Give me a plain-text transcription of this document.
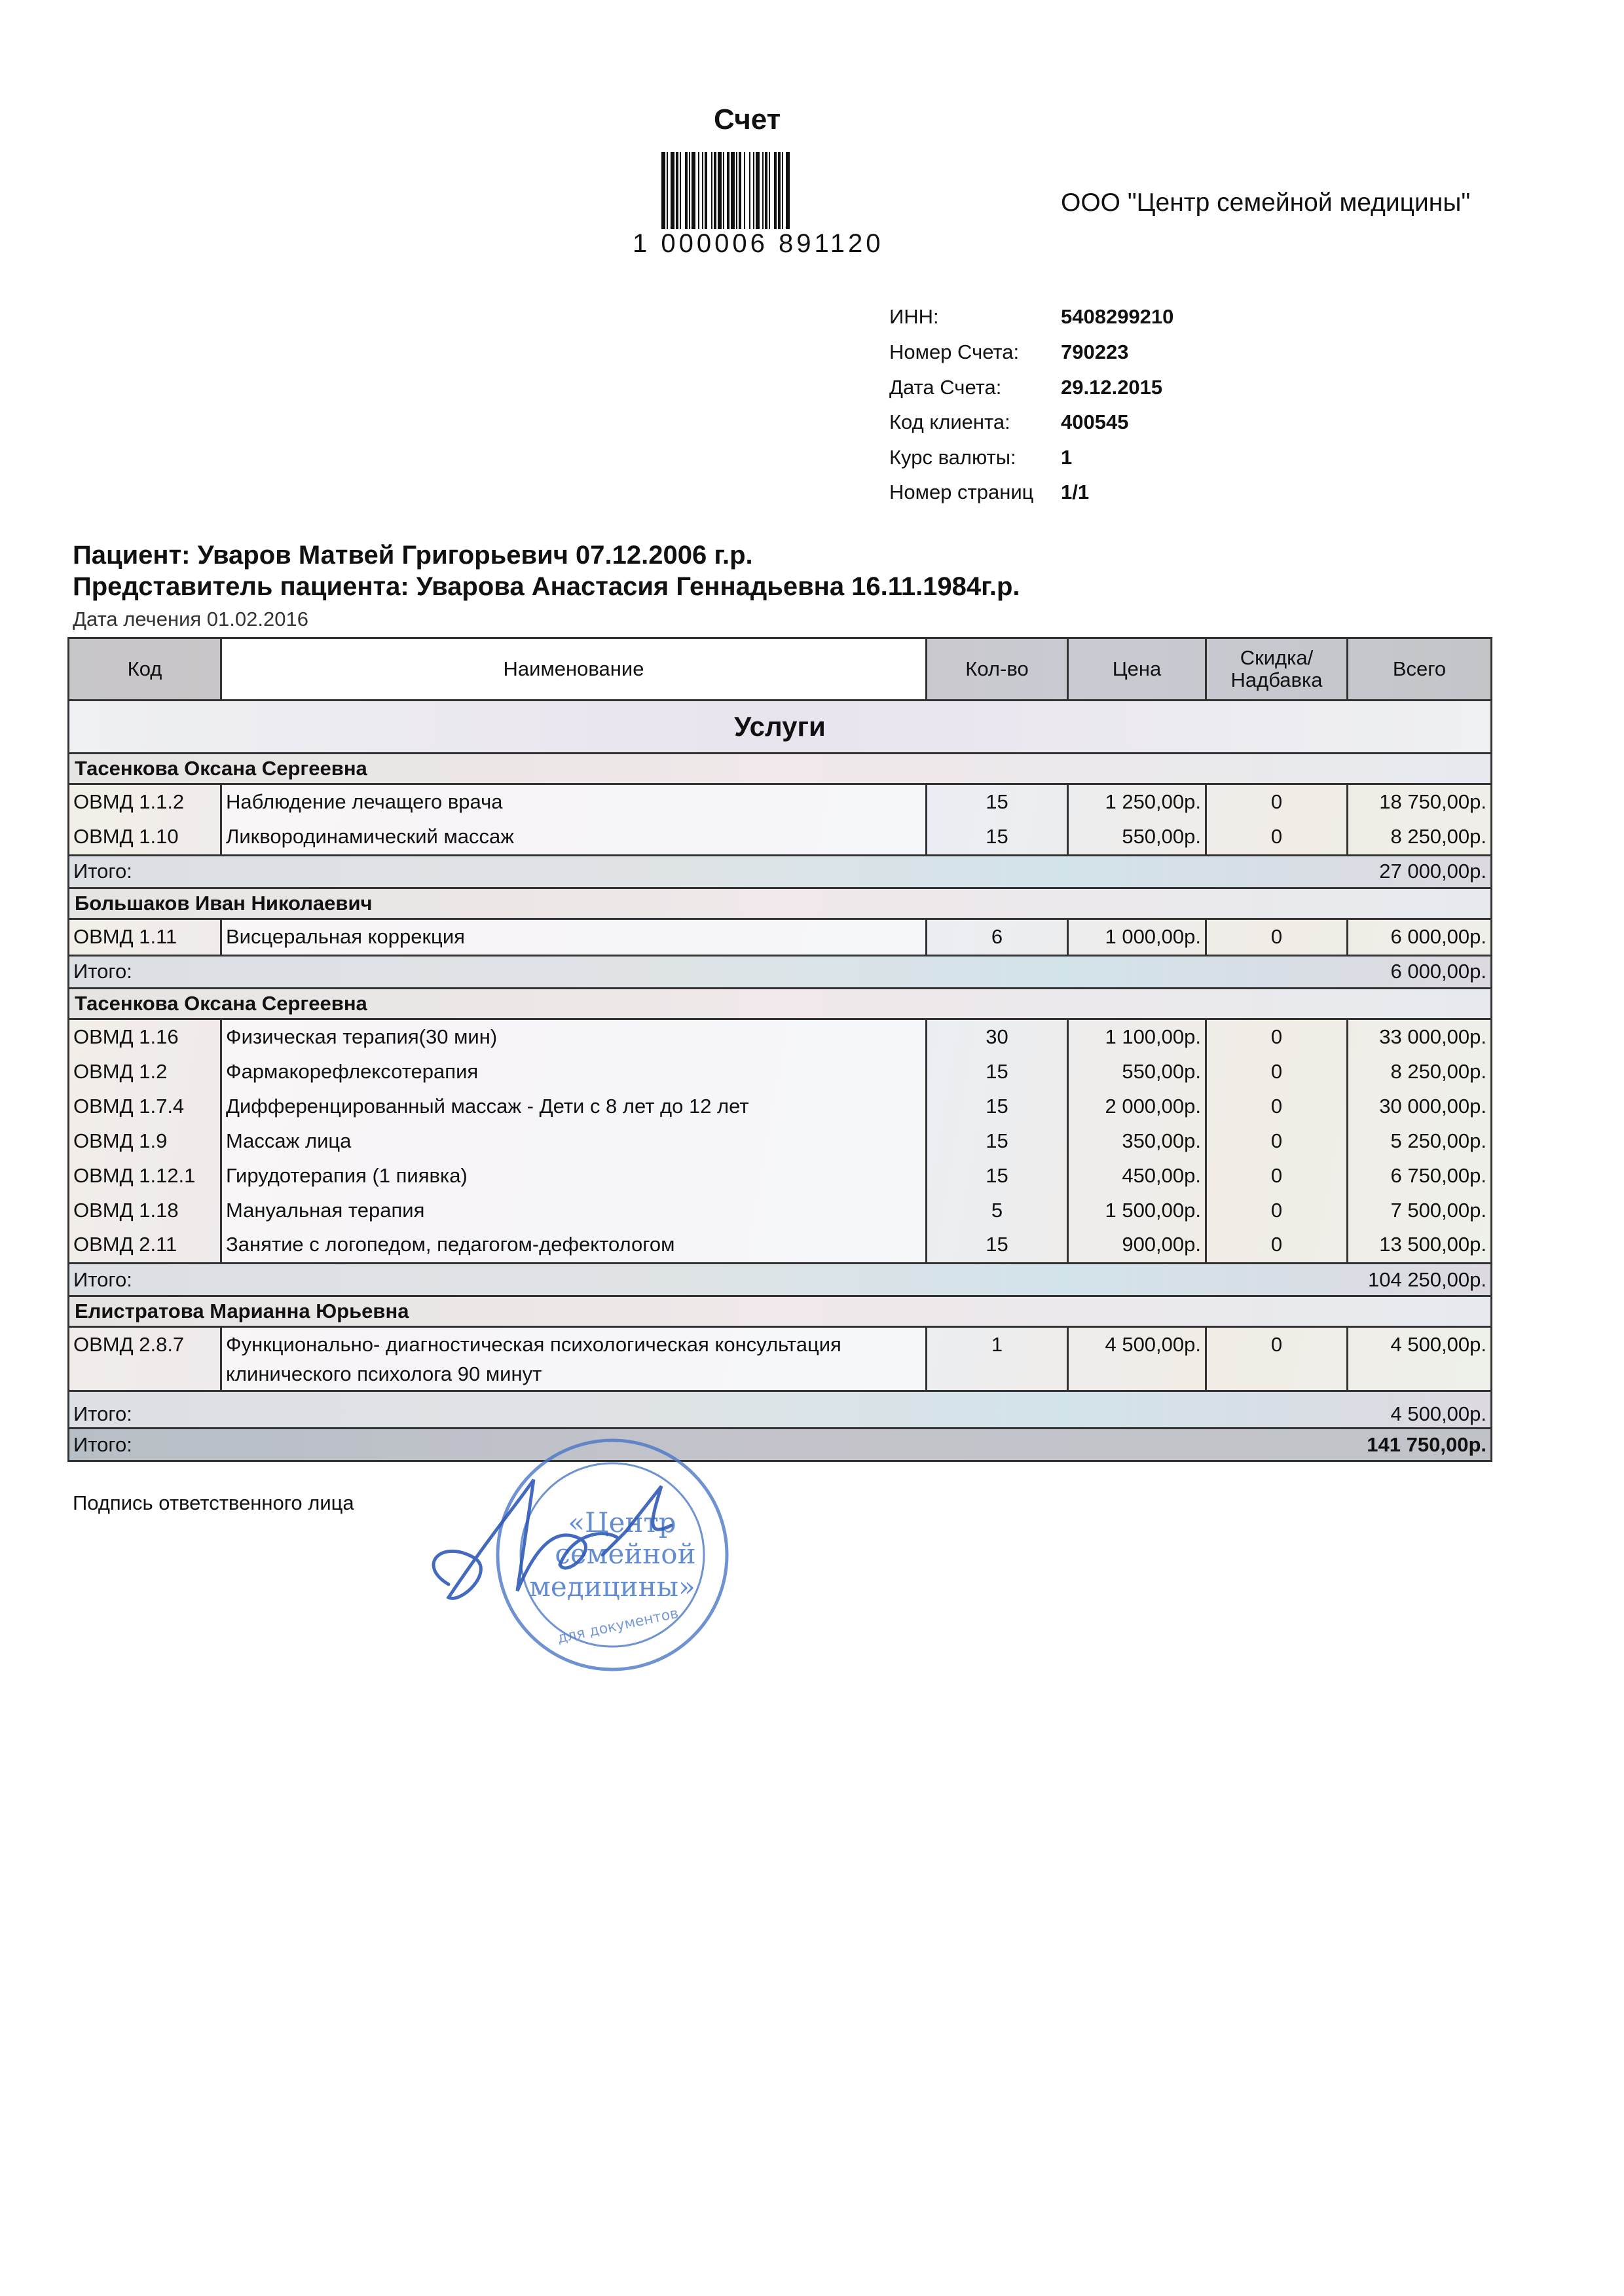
Счет
1 000006 891120
ООО "Центр семейной медицины"
ИНН:	5408299210
Номер Счета: 790223
Дата Счета:	29.12.2015
Код клиента: 400545
Курс валюты: 1
Номер страниц 1/1
Пациент: Уваров Матвей Григорьевич 07.12.2006 г.р.
Представитель пациента: Уварова Анастасия Геннадьевна 16.11.1984г.р.
Дата лечения 01.02.2016
Код	Наименование	Кол-во	Цена	Скидка/
Надбавка	Всего
Услуги
Тасенкова Оксана Сергеевна
ОВМД 1.1.2	Наблюдение лечащего врача	15	1 250,00р.	0	18 750,00р.
ОВМД 1.10	Ликвородинамический массаж	15	550,00р.	0	8 250,00р.
Итого:	27 000,00р.
Большаков Иван Николаевич
ОВМД 1.11	Висцеральная коррекция	6	1 000,00р.	0	6 000,00р.
Итого:	6 000,00р.
Тасенкова Оксана Сергеевна
ОВМД 1.16	Физическая терапия(30 мин)	30	1 100,00р.	0	33 000,00р.
ОВМД 1.2	Фармакорефлексотерапия	15	550,00р.	0	8 250,00р.
ОВМД 1.7.4	Дифференцированный массаж - Дети с 8 лет до 12 лет	15	2 000,00р.	0	30 000,00р.
ОВМД 1.9	Массаж лица	15	350,00р.	0	5 250,00р.
ОВМД 1.12.1	Гирудотерапия (1 пиявка)	15	450,00р.	0	6 750,00р.
ОВМД 1.18	Мануальная терапия	5	1 500,00р.	0	7 500,00р.
ОВМД 2.11	Занятие с логопедом, педагогом-дефектологом	15	900,00р.	0	13 500,00р.
Итого:	104 250,00р.
Елистратова Марианна Юрьевна
ОВМД 2.8.7	Функционально- диагностическая психологическая консультация клинического психолога 90 минут
1	4 500,00р.	0	4 500,00р.
Итого:	4 500,00р.
Итого:	141 750,00р.
Подпись ответственного лица
«Центр
семейной
медицины»
для документов
